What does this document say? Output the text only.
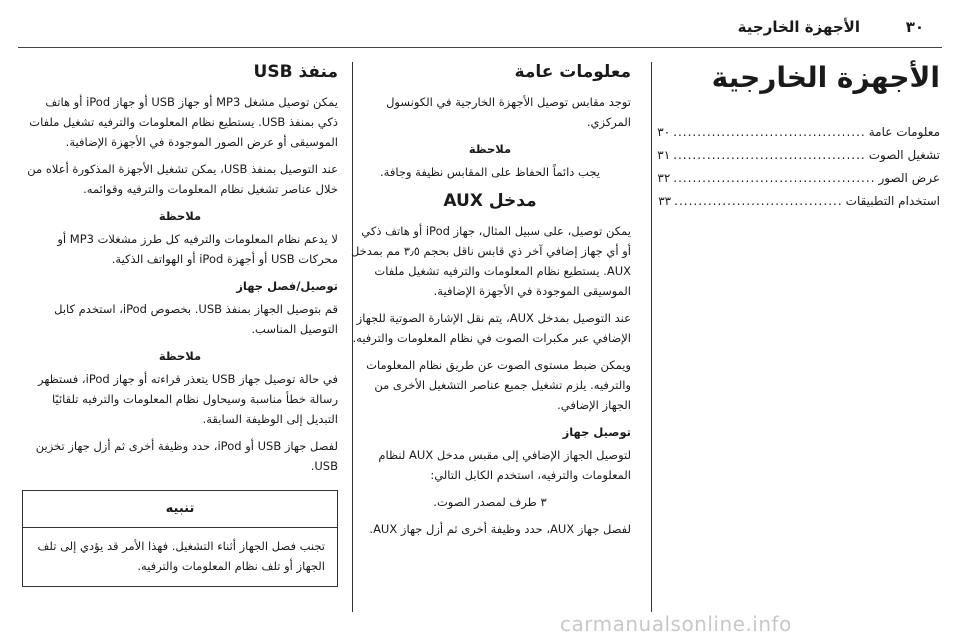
الأجهزة الخارجية	٣٠
الأجهزة الخارجية
معلومات عامة
........................................
٣٠
تشغيل الصوت
........................................
٣١
عرض الصور
..........................................
٣٢
استخدام التطبيقات
...................................
٣٣
معلومات عامة

توجد مقابس توصيل الأجهزة الخارجية في الكونسول المركزي.

ملاحظة

يجب دائماً الحفاظ على المقابس نظيفة وجافة.

مدخل AUX

يمكن توصيل، على سبيل المثال، جهاز iPod أو هاتف ذكي أو أي جهاز إضافي آخر ذي قابس ناقل بحجم ٣٫٥ مم بمدخل AUX. يستطيع نظام المعلومات والترفيه تشغيل ملفات الموسيقى الموجودة في الأجهزة الإضافية.

عند التوصيل بمدخل AUX، يتم نقل الإشارة الصوتية للجهاز الإضافي عبر مكبرات الصوت في نظام المعلومات والترفيه.

ويمكن ضبط مستوى الصوت عن طريق نظام المعلومات والترفيه. يلزم تشغيل جميع عناصر التشغيل الأخرى من الجهاز الإضافي.

توصيل جهاز

لتوصيل الجهاز الإضافي إلى مقبس مدخل AUX لنظام المعلومات والترفيه، استخدم الكابل التالي:

٣ طرف لمصدر الصوت.

لفصل جهاز AUX، حدد وظيفة أخرى ثم أزل جهاز AUX.

منفذ USB

يمكن توصيل مشغل MP3 أو جهاز USB أو جهاز iPod أو هاتف ذكي بمنفذ USB. يستطيع نظام المعلومات والترفيه تشغيل ملفات الموسيقى أو عرض الصور الموجودة في الأجهزة الإضافية.

عند التوصيل بمنفذ USB، يمكن تشغيل الأجهزة المذكورة أعلاه من خلال عناصر تشغيل نظام المعلومات والترفيه وقوائمه.

ملاحظة

لا يدعم نظام المعلومات والترفيه كل طرز مشغلات MP3 أو محركات USB أو أجهزة iPod أو الهواتف الذكية.

توصيل/فصل جهاز

قم بتوصيل الجهاز بمنفذ USB. بخصوص iPod، استخدم كابل التوصيل المناسب.

ملاحظة

في حالة توصيل جهاز USB يتعذر قراءته أو جهاز iPod، فستظهر رسالة خطأ مناسبة وسيحاول نظام المعلومات والترفيه تلقائيًا التبديل إلى الوظيفة السابقة.

لفصل جهاز USB أو iPod، حدد وظيفة أخرى ثم أزل جهاز تخزين USB.

تنبيه

تجنب فصل الجهاز أثناء التشغيل. فهذا الأمر قد يؤدي إلى تلف الجهاز أو تلف نظام المعلومات والترفيه.

carmanualsonline.info
